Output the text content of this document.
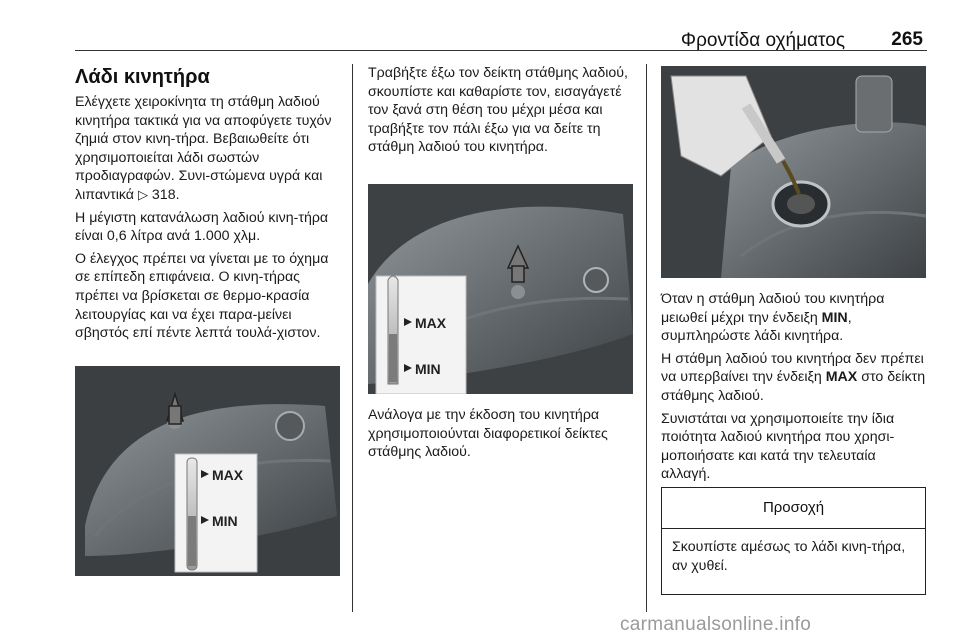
Φροντίδα οχήματος 265
Λάδι κινητήρα

Ελέγχετε χειροκίνητα τη στάθμη λαδιού κινητήρα τακτικά για να αποφύγετε τυχόν ζημιά στον κινη-τήρα. Βεβαιωθείτε ότι χρησιμοποιείται λάδι σωστών προδιαγραφών. Συνι-στώμενα υγρά και λιπαντικά ▷ 318.

Η μέγιστη κατανάλωση λαδιού κινη-τήρα είναι 0,6 λίτρα ανά 1.000 χλμ.

Ο έλεγχος πρέπει να γίνεται με το όχημα σε επίπεδη επιφάνεια. Ο κινη-τήρας πρέπει να βρίσκεται σε θερμο-κρασία λειτουργίας και να έχει παρα-μείνει σβηστός επί πέντε λεπτά τουλά-χιστον.

MAX
MIN

Τραβήξτε έξω τον δείκτη στάθμης λαδιού, σκουπίστε και καθαρίστε τον, εισαγάγετέ τον ξανά στη θέση του μέχρι μέσα και τραβήξτε τον πάλι έξω για να δείτε τη στάθμη λαδιού του κινητήρα.

MAX
MIN

Ανάλογα με την έκδοση του κινητήρα χρησιμοποιούνται διαφορετικοί δείκτες στάθμης λαδιού.

Όταν η στάθμη λαδιού του κινητήρα μειωθεί μέχρι την ένδειξη MIN, συμπληρώστε λάδι κινητήρα.

Η στάθμη λαδιού του κινητήρα δεν πρέπει να υπερβαίνει την ένδειξη MAX στο δείκτη στάθμης λαδιού.

Συνιστάται να χρησιμοποιείτε την ίδια ποιότητα λαδιού κινητήρα που χρησι-μοποιήσατε και κατά την τελευταία αλλαγή.

Προσοχή
Σκουπίστε αμέσως το λάδι κινη-τήρα, αν χυθεί.
carmanualsonline.info
